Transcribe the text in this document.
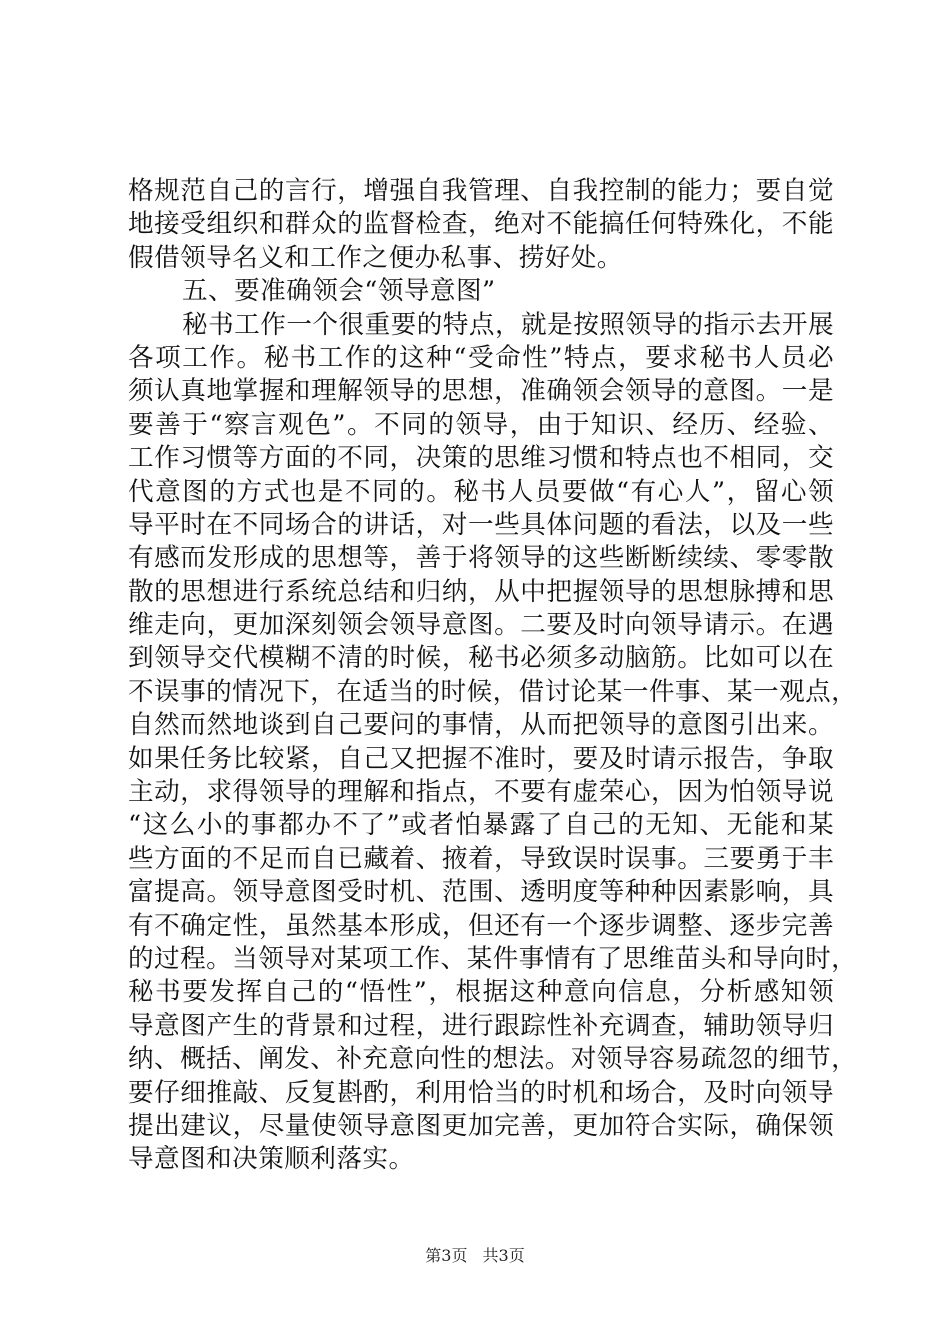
格规范自己的言行，增强自我管理、自我控制的能力；要自觉
地接受组织和群众的监督检查，绝对不能搞任何特殊化，不能
假借领导名义和工作之便办私事、捞好处。
五、要准确领会“领导意图”
秘书工作一个很重要的特点，就是按照领导的指示去开展
各项工作。秘书工作的这种“受命性”特点，要求秘书人员必
须认真地掌握和理解领导的思想，准确领会领导的意图。一是
要善于“察言观色”。不同的领导，由于知识、经历、经验、
工作习惯等方面的不同，决策的思维习惯和特点也不相同，交
代意图的方式也是不同的。秘书人员要做“有心人”，留心领
导平时在不同场合的讲话，对一些具体问题的看法，以及一些
有感而发形成的思想等，善于将领导的这些断断续续、零零散
散的思想进行系统总结和归纳，从中把握领导的思想脉搏和思
维走向，更加深刻领会领导意图。二要及时向领导请示。在遇
到领导交代模糊不清的时候，秘书必须多动脑筋。比如可以在
不误事的情况下，在适当的时候，借讨论某一件事、某一观点，
自然而然地谈到自己要问的事情，从而把领导的意图引出来。
如果任务比较紧，自己又把握不准时，要及时请示报告，争取
主动，求得领导的理解和指点，不要有虚荣心，因为怕领导说
“这么小的事都办不了”或者怕暴露了自己的无知、无能和某
些方面的不足而自已藏着、掖着，导致误时误事。三要勇于丰
富提高。领导意图受时机、范围、透明度等种种因素影响，具
有不确定性，虽然基本形成，但还有一个逐步调整、逐步完善
的过程。当领导对某项工作、某件事情有了思维苗头和导向时，
秘书要发挥自己的“悟性”，根据这种意向信息，分析感知领
导意图产生的背景和过程，进行跟踪性补充调查，辅助领导归
纳、概括、阐发、补充意向性的想法。对领导容易疏忽的细节，
要仔细推敲、反复斟酌，利用恰当的时机和场合，及时向领导
提出建议，尽量使领导意图更加完善，更加符合实际，确保领
导意图和决策顺利落实。
第3页 共3页
